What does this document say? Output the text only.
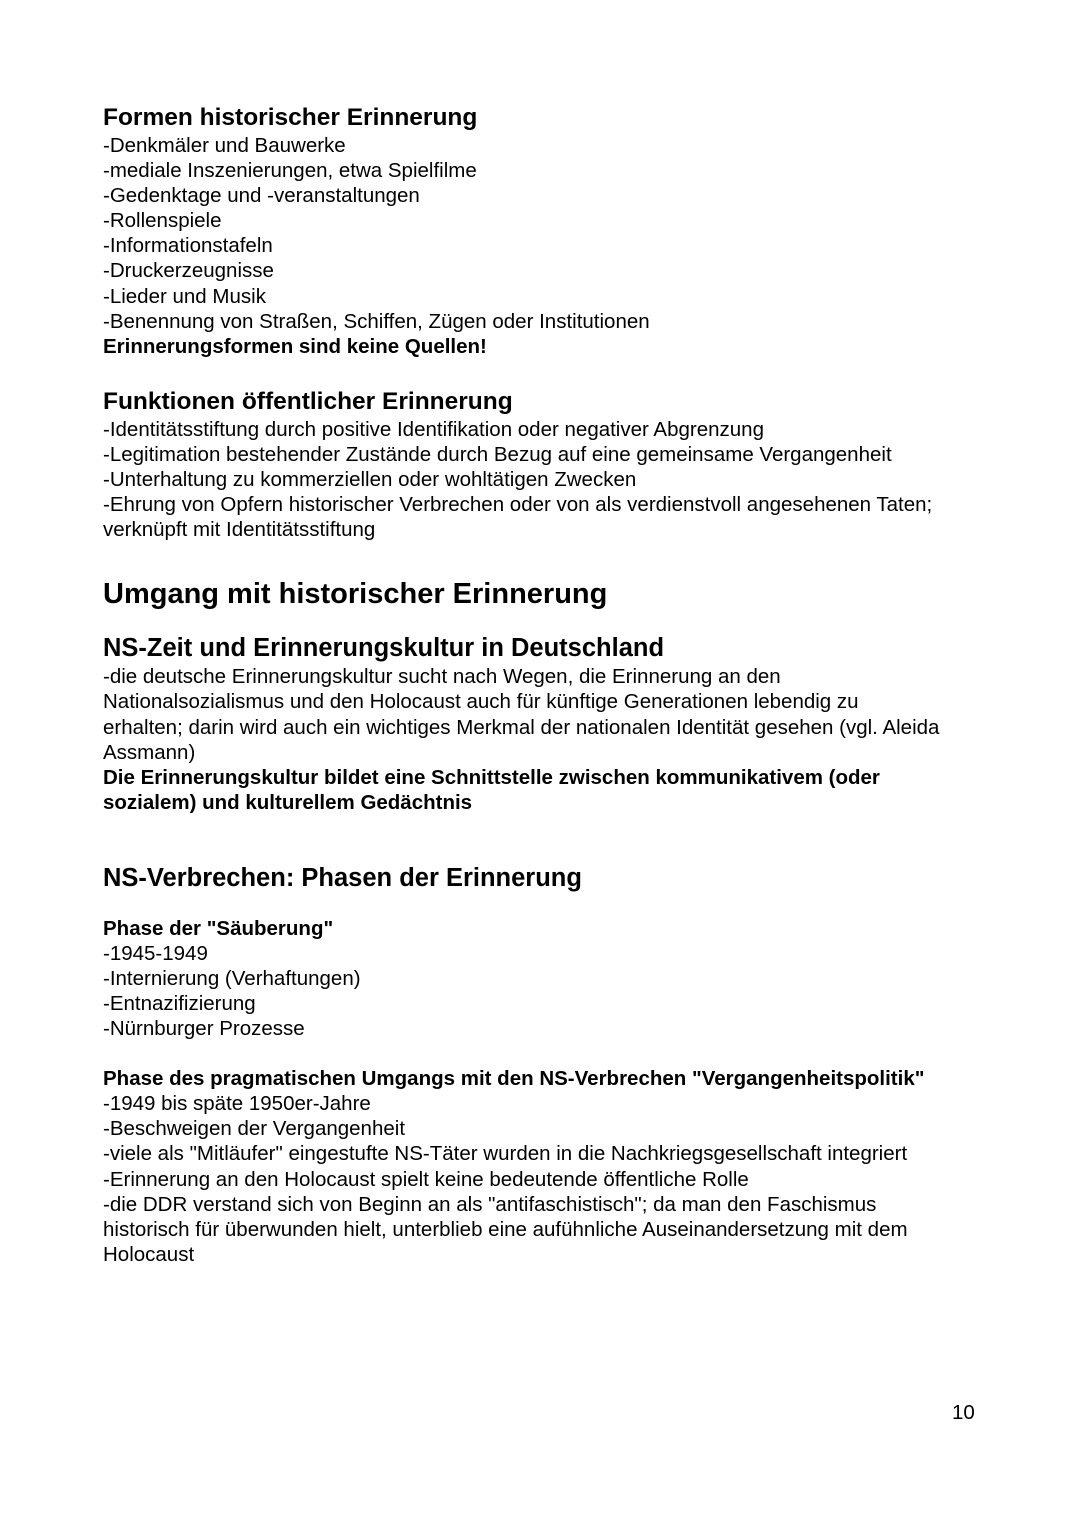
Formen historischer Erinnerung

-Denkmäler und Bauwerke

-mediale Inszenierungen, etwa Spielfilme

-Gedenktage und -veranstaltungen

-Rollenspiele

-Informationstafeln

-Druckerzeugnisse

-Lieder und Musik

-Benennung von Straßen, Schiffen, Zügen oder Institutionen

Erinnerungsformen sind keine Quellen!

Funktionen öffentlicher Erinnerung

-Identitätsstiftung durch positive Identifikation oder negativer Abgrenzung

-Legitimation bestehender Zustände durch Bezug auf eine gemeinsame Vergangenheit

-Unterhaltung zu kommerziellen oder wohltätigen Zwecken

-Ehrung von Opfern historischer Verbrechen oder von als verdienstvoll angesehenen Taten; verknüpft mit Identitätsstiftung

Umgang mit historischer Erinnerung
NS-Zeit und Erinnerungskultur in Deutschland

-die deutsche Erinnerungskultur sucht nach Wegen, die Erinnerung an den Nationalsozialismus und den Holocaust auch für künftige Generationen lebendig zu erhalten; darin wird auch ein wichtiges Merkmal der nationalen Identität gesehen (vgl. Aleida Assmann)

Die Erinnerungskultur bildet eine Schnittstelle zwischen kommunikativem (oder sozialem) und kulturellem Gedächtnis

NS-Verbrechen: Phasen der Erinnerung
Phase der "Säuberung"

-1945-1949

-Internierung (Verhaftungen)

-Entnazifizierung

-Nürnburger Prozesse

Phase des pragmatischen Umgangs mit den NS-Verbrechen "Vergangenheitspolitik"

-1949 bis späte 1950er-Jahre

-Beschweigen der Vergangenheit

-viele als "Mitläufer" eingestufte NS-Täter wurden in die Nachkriegsgesellschaft integriert

-Erinnerung an den Holocaust spielt keine bedeutende öffentliche Rolle

-die DDR verstand sich von Beginn an als "antifaschistisch"; da man den Faschismus historisch für überwunden hielt, unterblieb eine aufühnliche Auseinandersetzung mit dem Holocaust

10
